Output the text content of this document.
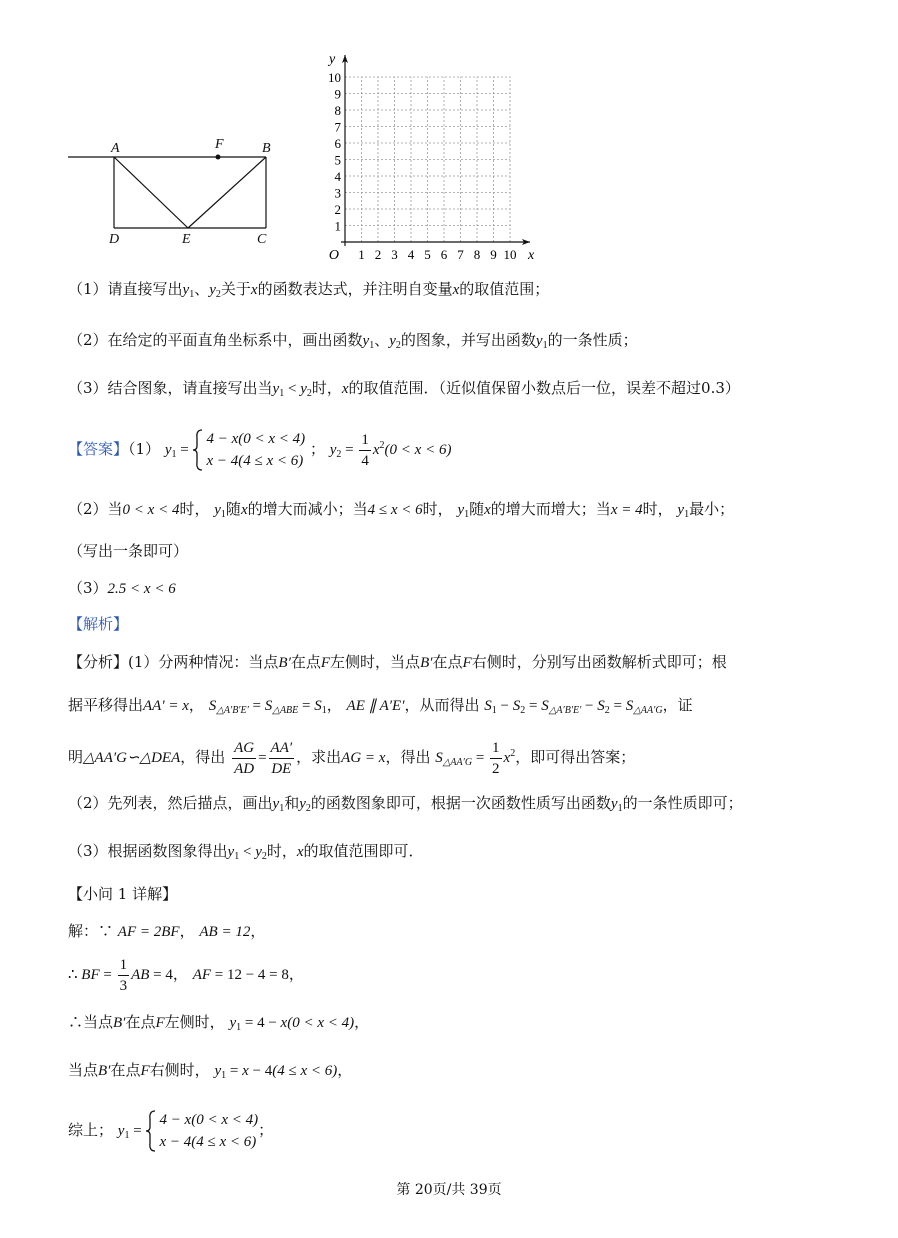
A	F	B
D	E	C
1
2
3
4
5
6
7
8
9
10
1 2 3 4 5 6 7 8 9 10
O	x
y
（1）请直接写出$y_1$、$y_2$关于x的函数表达式，并注明自变量x的取值范围；
（2）在给定的平面直角坐标系中，画出函数$y_1$、$y_2$的图象，并写出函数$y_1$的一条性质；
（3）结合图象，请直接写出当$y_1 < y_2$时，x的取值范围．（近似值保留小数点后一位，误差不超过0.3）
【答案】（1） $y_1$ =
4 − x(0 < x < 4)
x − 4(4 ≤ x < 6)
； $y_2 = \frac{1}{4} x^2(0 < x < 6)$
（2）当0 < x < 4时， $y_1$随x的增大而减小；当4 ≤ x < 6时， $y_1$随x的增大而增大；当x = 4时， $y_1$最小；
（写出一条即可）
（3）2.5 < x < 6
【解析】
【分析】(1）分两种情况：当点B′在点F左侧时，当点B′在点F右侧时，分别写出函数解析式即可；根
据平移得出AA′ = x， $S_{\triangle A'B'E'} = S_{\triangle ABE} = S_1$， AE ∥ A′E′，从而得出 $S_1 - S_2 = S_{\triangle A'B'E'} - S_2 = S_{\triangle AA'G}$，证
明△AA′G∽△DEA，得出 $\frac{AG}{AD} = \frac{AA'}{DE}$ ，求出AG = x，得出 $S_{\triangle AA'G} = \frac{1}{2} x^2$，即可得出答案；
（2）先列表，然后描点，画出$y_1$和$y_2$的函数图象即可，根据一次函数性质写出函数$y_1$的一条性质即可；
（3）根据函数图象得出$y_1 < y_2$时，x的取值范围即可．
【小问 1 详解】
解：∵ AF = 2BF， AB = 12，
∴ BF = $\frac{1}{3}$ AB = 4， AF = 12 − 4 = 8，
∴当点B′在点F左侧时， $y_1 = 4 - x(0 < x < 4)$，
当点B′在点F右侧时， $y_1 = x - 4(4 \le x < 6)$，
综上； $y_1$ =
4 − x(0 < x < 4)
x − 4(4 ≤ x < 6)
；
第 20页/共 39页
